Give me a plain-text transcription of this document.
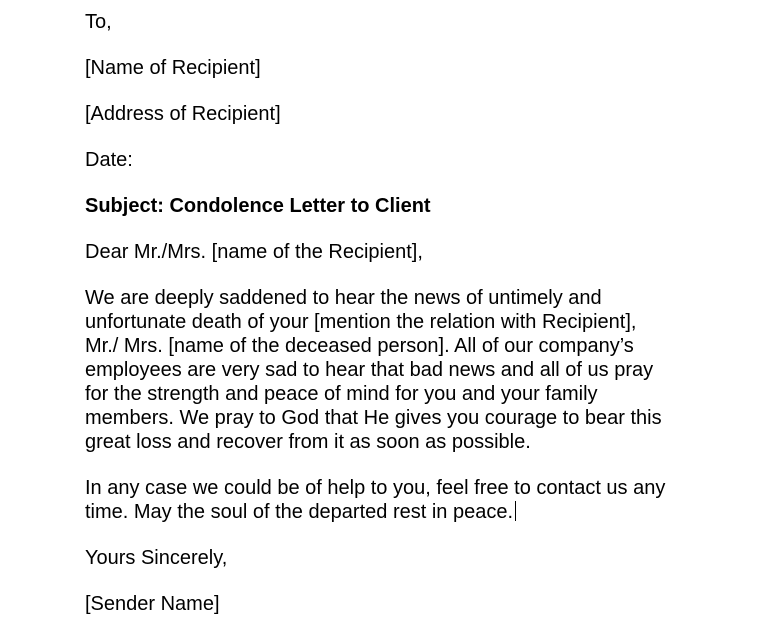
To,

[Name of Recipient]

[Address of Recipient]

Date:

Subject: Condolence Letter to Client

Dear Mr./Mrs. [name of the Recipient],

We are deeply saddened to hear the news of untimely and

unfortunate death of your [mention the relation with Recipient],

Mr./ Mrs. [name of the deceased person]. All of our company’s

employees are very sad to hear that bad news and all of us pray

for the strength and peace of mind for you and your family

members. We pray to God that He gives you courage to bear this

great loss and recover from it as soon as possible.

In any case we could be of help to you, feel free to contact us any

time. May the soul of the departed rest in peace.

Yours Sincerely,

[Sender Name]
